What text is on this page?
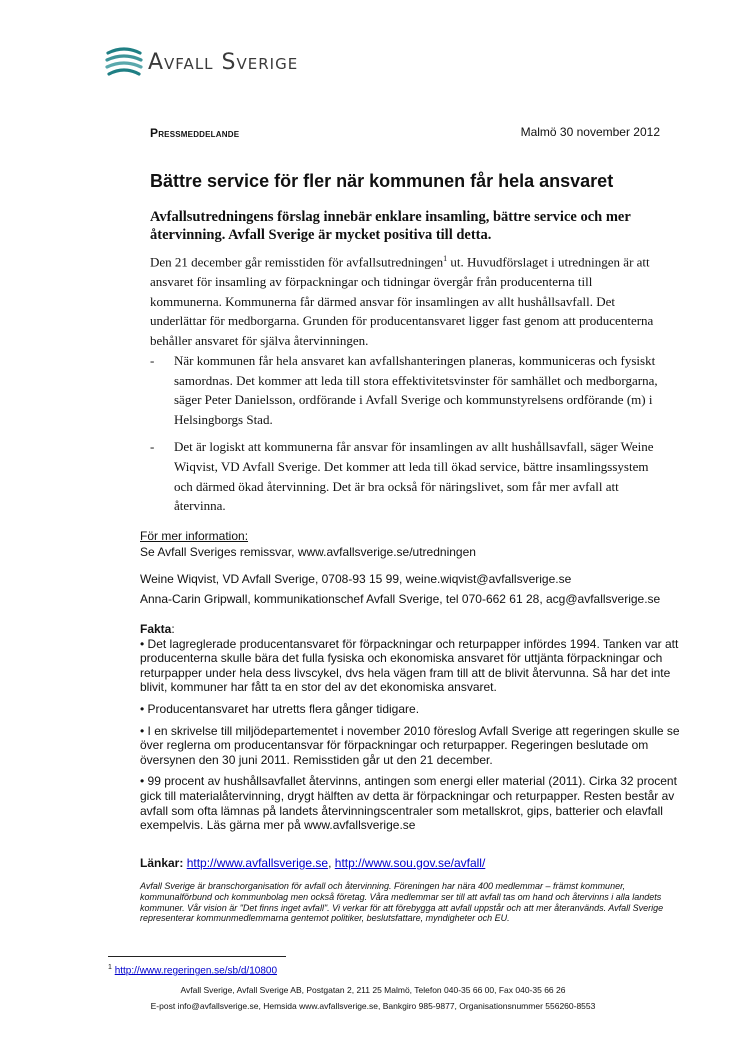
Avfall Sverige
Pressmeddelande	Malmö 30 november 2012
Bättre service för fler när kommunen får hela ansvaret
Avfallsutredningens förslag innebär enklare insamling, bättre service och mer återvinning. Avfall Sverige är mycket positiva till detta.
Den 21 december går remisstiden för avfallsutredningen$^1$ ut. Huvudförslaget i utredningen är att ansvaret för insamling av förpackningar och tidningar övergår från producenterna till kommunerna. Kommunerna får därmed ansvar för insamlingen av allt hushållsavfall. Det underlättar för medborgarna. Grunden för producentansvaret ligger fast genom att producenterna behåller ansvaret för själva återvinningen.
-	När kommunen får hela ansvaret kan avfallshanteringen planeras, kommuniceras och fysiskt samordnas. Det kommer att leda till stora effektivitetsvinster för samhället och medborgarna, säger Peter Danielsson, ordförande i Avfall Sverige och kommunstyrelsens ordförande (m) i Helsingborgs Stad.
-	Det är logiskt att kommunerna får ansvar för insamlingen av allt hushållsavfall, säger Weine Wiqvist, VD Avfall Sverige. Det kommer att leda till ökad service, bättre insamlingssystem och därmed ökad återvinning. Det är bra också för näringslivet, som får mer avfall att återvinna.
För mer information:
Se Avfall Sveriges remissvar, www.avfallsverige.se/utredningen
Weine Wiqvist, VD Avfall Sverige, 0708-93 15 99, weine.wiqvist@avfallsverige.se
Anna-Carin Gripwall, kommunikationschef Avfall Sverige, tel 070-662 61 28, acg@avfallsverige.se

Fakta:

• Det lagreglerade producentansvaret för förpackningar och returpapper infördes 1994. Tanken var att producenterna skulle bära det fulla fysiska och ekonomiska ansvaret för uttjänta förpackningar och returpapper under hela dess livscykel, dvs hela vägen fram till att de blivit återvunna. Så har det inte blivit, kommuner har fått ta en stor del av det ekonomiska ansvaret.

• Producentansvaret har utretts flera gånger tidigare.

• I en skrivelse till miljödepartementet i november 2010 föreslog Avfall Sverige att regeringen skulle se över reglerna om producentansvar för förpackningar och returpapper. Regeringen beslutade om översynen den 30 juni 2011. Remisstiden går ut den 21 december.

• 99 procent av hushållsavfallet återvinns, antingen som energi eller material (2011). Cirka 32 procent gick till materialåtervinning, drygt hälften av detta är förpackningar och returpapper. Resten består av avfall som ofta lämnas på landets återvinningscentraler som metallskrot, gips, batterier och elavfall exempelvis. Läs gärna mer på www.avfallsverige.se

Länkar: http://www.avfallsverige.se, http://www.sou.gov.se/avfall/
Avfall Sverige är branschorganisation för avfall och återvinning. Föreningen har nära 400 medlemmar – främst kommuner, kommunalförbund och kommunbolag men också företag. Våra medlemmar ser till att avfall tas om hand och återvinns i alla landets kommuner. Vår vision är "Det finns inget avfall". Vi verkar för att förebygga att avfall uppstår och att mer återanvänds. Avfall Sverige representerar kommunmedlemmarna gentemot politiker, beslutsfattare, myndigheter och EU.
$^1$ http://www.regeringen.se/sb/d/10800
Avfall Sverige, Avfall Sverige AB, Postgatan 2, 211 25 Malmö, Telefon 040-35 66 00, Fax 040-35 66 26
E-post info@avfallsverige.se, Hemsida www.avfallsverige.se, Bankgiro 985-9877, Organisationsnummer 556260-8553
